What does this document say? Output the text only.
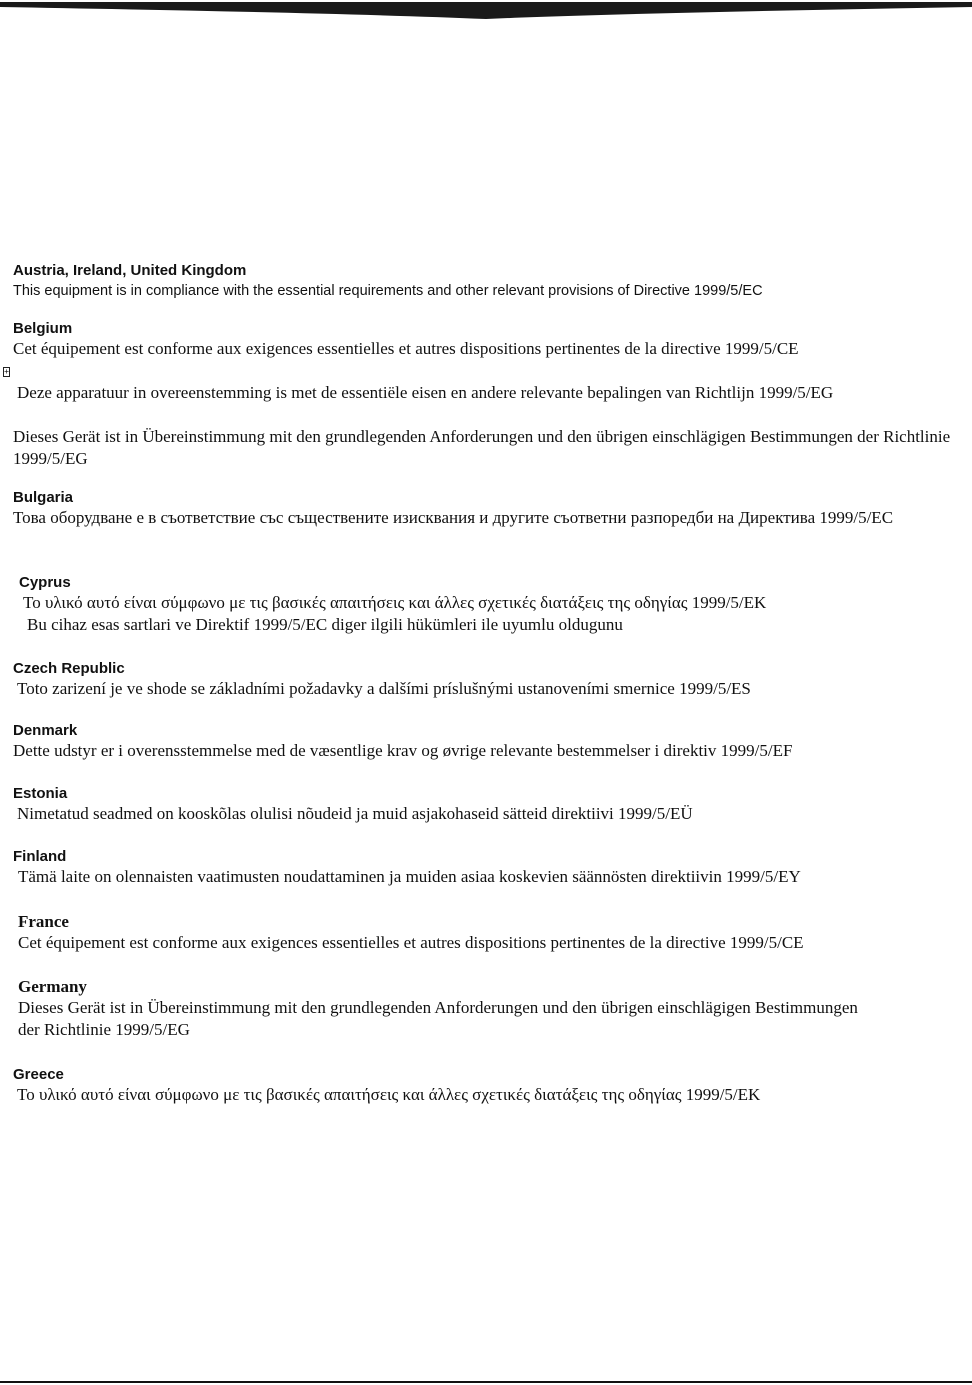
+

Austria, Ireland, United Kingdom

This equipment is in compliance with the essential requirements and other relevant provisions of Directive 1999/5/EC

Belgium

Cet équipement est conforme aux exigences essentielles et autres dispositions pertinentes de la directive 1999/5/CE

Deze apparatuur in overeenstemming is met de essentiële eisen en andere relevante bepalingen van Richtlijn 1999/5/EG

Dieses Gerät ist in Übereinstimmung mit den grundlegenden Anforderungen und den übrigen einschlägigen Bestimmungen der Richtlinie 1999/5/EG

Bulgaria

Това оборудване е в съответствие със съществените изисквания и другите съответни разпоредби на Директива 1999/5/EC

Cyprus

Το υλικό αυτό είναι σύμφωνο με τις βασικές απαιτήσεις και άλλες σχετικές διατάξεις της οδηγίας 1999/5/EK

Bu cihaz esas sartlari ve Direktif 1999/5/EC diger ilgili hükümleri ile uyumlu oldugunu

Czech Republic

Toto zarizení je ve shode se základními požadavky a dalšími príslušnými ustanoveními smernice 1999/5/ES

Denmark

Dette udstyr er i overensstemmelse med de væsentlige krav og øvrige relevante bestemmelser i direktiv 1999/5/EF

Estonia

Nimetatud seadmed on kooskõlas olulisi nõudeid ja muid asjakohaseid sätteid direktiivi 1999/5/EÜ

Finland

Tämä laite on olennaisten vaatimusten noudattaminen ja muiden asiaa koskevien säännösten direktiivin 1999/5/EY

France

Cet équipement est conforme aux exigences essentielles et autres dispositions pertinentes de la directive 1999/5/CE

Germany

Dieses Gerät ist in Übereinstimmung mit den grundlegenden Anforderungen und den übrigen einschlägigen Bestimmungen der Richtlinie 1999/5/EG

Greece

Το υλικό αυτό είναι σύμφωνο με τις βασικές απαιτήσεις και άλλες σχετικές διατάξεις της οδηγίας 1999/5/EK
